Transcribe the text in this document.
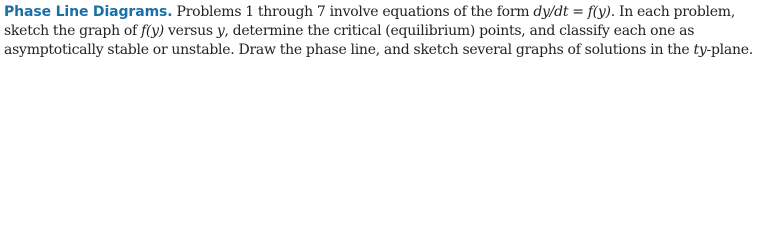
Phase Line Diagrams. Problems 1 through 7 involve equations of the form dy/dt = f(y). In each problem, sketch the graph of f(y) versus y, determine the critical (equilibrium) points, and classify each one as asymptotically stable or unstable. Draw the phase line, and sketch several graphs of solutions in the ty-plane.
